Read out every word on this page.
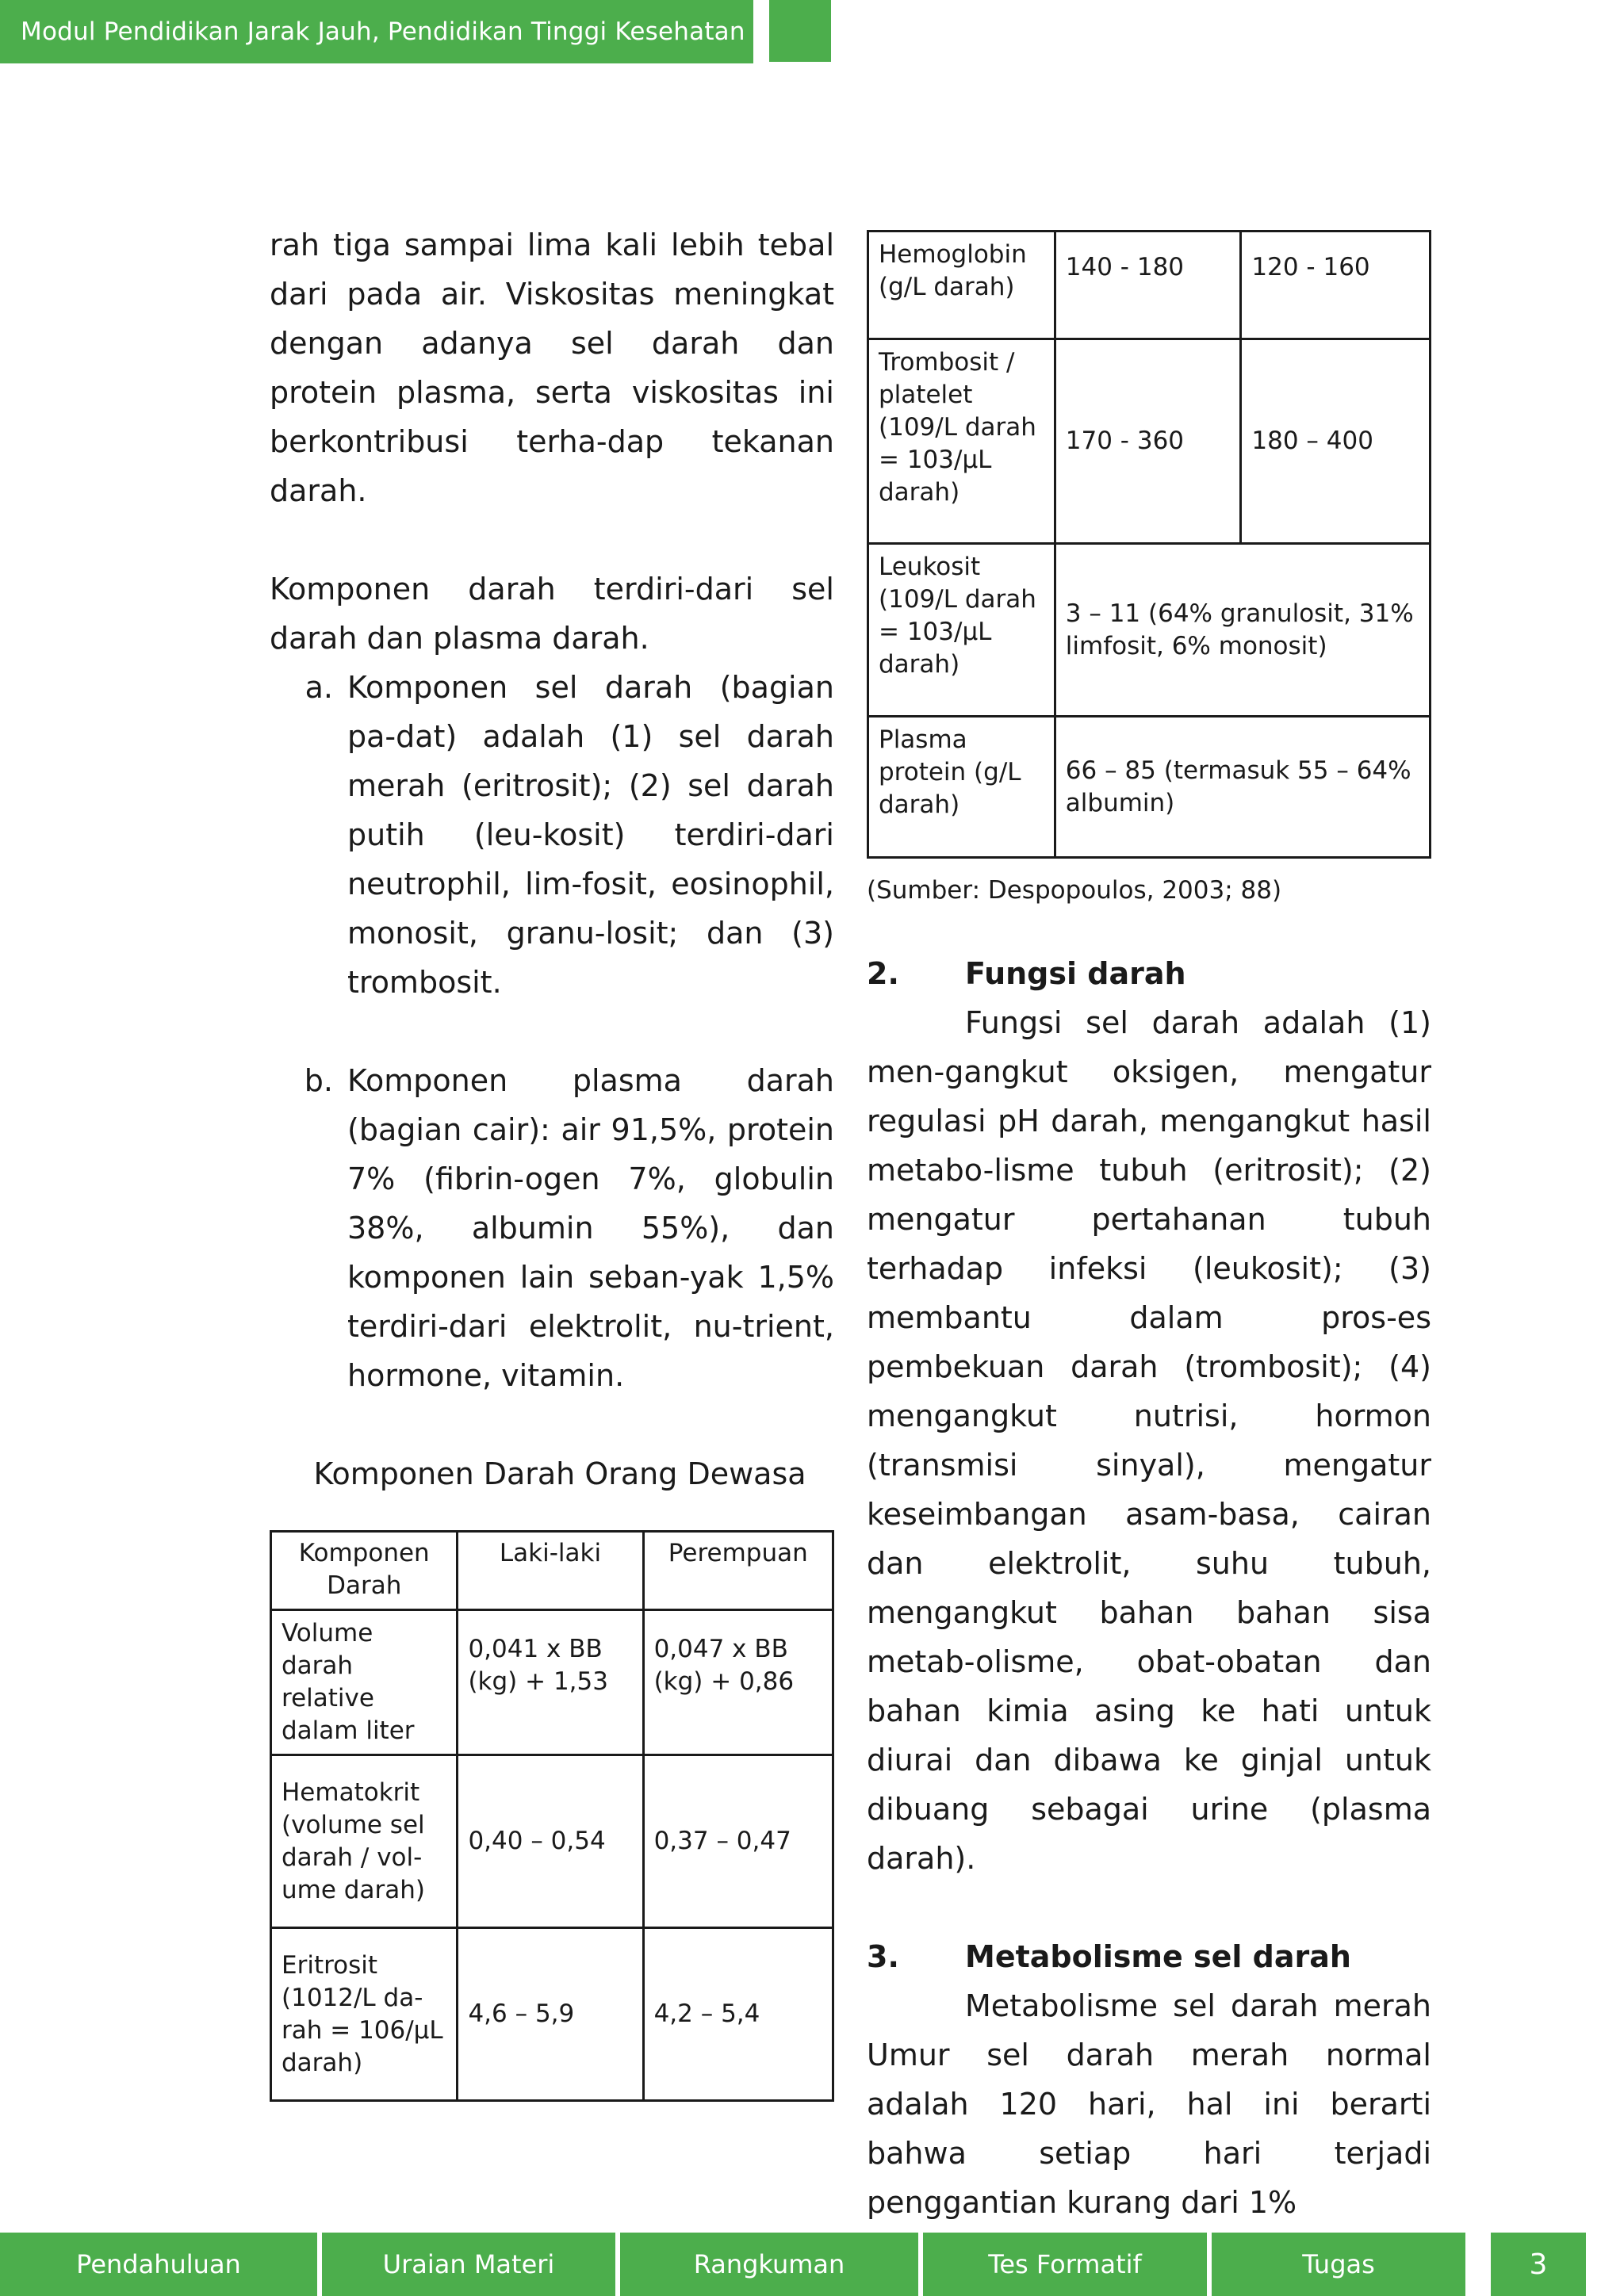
Modul Pendidikan Jarak Jauh, Pendidikan Tinggi Kesehatan

rah tiga sampai lima kali lebih tebal dari pada air. Viskositas meningkat dengan adanya sel darah dan protein plasma, serta viskositas ini berkontribusi terha-dap tekanan darah.

Komponen darah terdiri-dari sel darah dan plasma darah.

a. Komponen sel darah (bagian pa-dat) adalah (1) sel darah merah (eritrosit); (2) sel darah putih (leu-kosit) terdiri-dari neutrophil, lim-fosit, eosinophil, monosit, granu-losit; dan (3) trombosit.
b. Komponen plasma darah (bagian cair): air 91,5%, protein 7% (fibrin-ogen 7%, globulin 38%, albumin 55%), dan komponen lain seban-yak 1,5% terdiri-dari elektrolit, nu-trient, hormone, vitamin.
Komponen Darah Orang Dewasa
Komponen Darah	Laki-laki	Perempuan
Volume darah relative dalam liter	0,041 x BB (kg) + 1,53	0,047 x BB (kg) + 0,86
Hematokrit (volume sel darah / vol-ume darah)	0,40 – 0,54	0,37 – 0,47
Eritrosit (1012/L da-rah = 106/µL darah)	4,6 – 5,9	4,2 – 5,4
Hemoglobin (g/L darah)	140 - 180	120 - 160
Trombosit / platelet (109/L darah = 103/µL darah)	170 - 360	180 – 400
Leukosit (109/L darah = 103/µL darah)	3 – 11 (64% granulosit, 31% limfosit, 6% monosit)	
Plasma protein (g/L darah)	66 – 85 (termasuk 55 – 64% albumin)	

(Sumber: Despopoulos, 2003; 88)

2.	Fungsi darah

Fungsi sel darah adalah (1) men-gangkut oksigen, mengatur regulasi pH darah, mengangkut hasil metabo-lisme tubuh (eritrosit); (2) mengatur pertahanan tubuh terhadap infeksi (leukosit); (3) membantu dalam pros-es pembekuan darah (trombosit); (4) mengangkut nutrisi, hormon (transmisi sinyal), mengatur keseimbangan asam-basa, cairan dan elektrolit, suhu tubuh, mengangkut bahan bahan sisa metab-olisme, obat-obatan dan bahan kimia asing ke hati untuk diurai dan dibawa ke ginjal untuk dibuang sebagai urine (plasma darah).

3.	Metabolisme sel darah

Metabolisme sel darah merah

Umur sel darah merah normal adalah 120 hari, hal ini berarti bahwa setiap hari terjadi penggantian kurang dari 1%

Pendahuluan	Uraian Materi	Rangkuman	Tes Formatif	Tugas	3
